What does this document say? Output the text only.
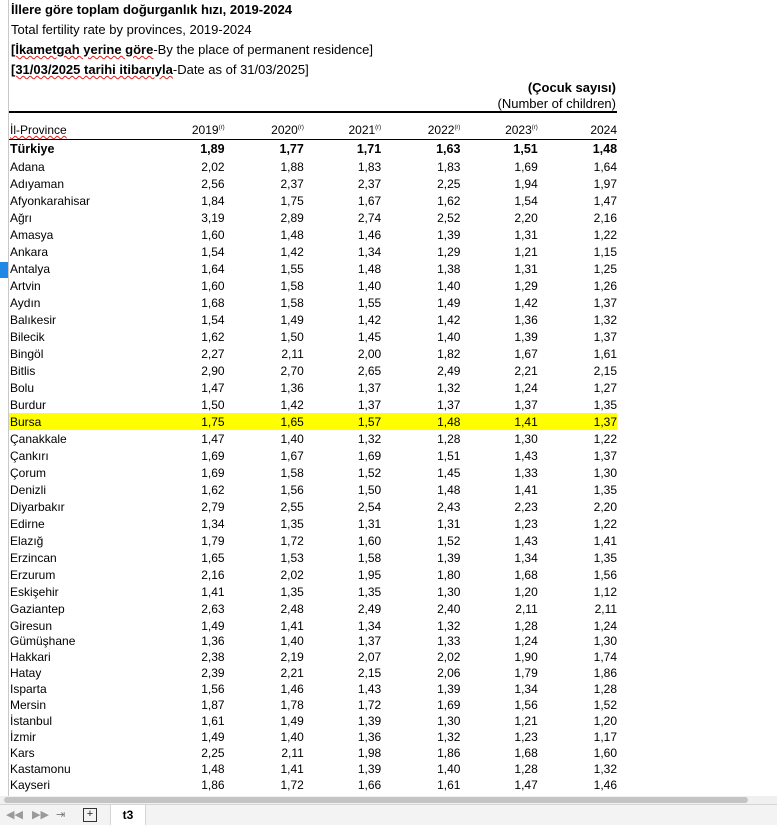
İllere göre toplam doğurganlık hızı, 2019-2024
Total fertility rate by provinces, 2019-2024
[İkametgah yerine göre-By the place of permanent residence]
[31/03/2025 tarihi itibarıyla-Date as of 31/03/2025]
(Çocuk sayısı)
(Number of children)
İl-Province	2019$^{(r)}$	2020$^{(r)}$	2021$^{(r)}$	2022$^{(r)}$	2023$^{(r)}$	2024
Türkiye	1,89	1,77	1,71	1,63	1,51	1,48
Adana	2,02	1,88	1,83	1,83	1,69	1,64
Adıyaman	2,56	2,37	2,37	2,25	1,94	1,97
Afyonkarahisar	1,84	1,75	1,67	1,62	1,54	1,47
Ağrı	3,19	2,89	2,74	2,52	2,20	2,16
Amasya	1,60	1,48	1,46	1,39	1,31	1,22
Ankara	1,54	1,42	1,34	1,29	1,21	1,15
Antalya	1,64	1,55	1,48	1,38	1,31	1,25
Artvin	1,60	1,58	1,40	1,40	1,29	1,26
Aydın	1,68	1,58	1,55	1,49	1,42	1,37
Balıkesir	1,54	1,49	1,42	1,42	1,36	1,32
Bilecik	1,62	1,50	1,45	1,40	1,39	1,37
Bingöl	2,27	2,11	2,00	1,82	1,67	1,61
Bitlis	2,90	2,70	2,65	2,49	2,21	2,15
Bolu	1,47	1,36	1,37	1,32	1,24	1,27
Burdur	1,50	1,42	1,37	1,37	1,37	1,35
Bursa	1,75	1,65	1,57	1,48	1,41	1,37
Çanakkale	1,47	1,40	1,32	1,28	1,30	1,22
Çankırı	1,69	1,67	1,69	1,51	1,43	1,37
Çorum	1,69	1,58	1,52	1,45	1,33	1,30
Denizli	1,62	1,56	1,50	1,48	1,41	1,35
Diyarbakır	2,79	2,55	2,54	2,43	2,23	2,20
Edirne	1,34	1,35	1,31	1,31	1,23	1,22
Elazığ	1,79	1,72	1,60	1,52	1,43	1,41
Erzincan	1,65	1,53	1,58	1,39	1,34	1,35
Erzurum	2,16	2,02	1,95	1,80	1,68	1,56
Eskişehir	1,41	1,35	1,35	1,30	1,20	1,12
Gaziantep	2,63	2,48	2,49	2,40	2,11	2,11
Giresun	1,49	1,41	1,34	1,32	1,28	1,24
Gümüşhane	1,36	1,40	1,37	1,33	1,24	1,30
Hakkari	2,38	2,19	2,07	2,02	1,90	1,74
Hatay	2,39	2,21	2,15	2,06	1,79	1,86
Isparta	1,56	1,46	1,43	1,39	1,34	1,28
Mersin	1,87	1,78	1,72	1,69	1,56	1,52
İstanbul	1,61	1,49	1,39	1,30	1,21	1,20
İzmir	1,49	1,40	1,36	1,32	1,23	1,17
Kars	2,25	2,11	1,98	1,86	1,68	1,60
Kastamonu	1,48	1,41	1,39	1,40	1,28	1,32
Kayseri	1,86	1,72	1,66	1,61	1,47	1,46
◀◀ ▶▶ ⇥	+	t3
